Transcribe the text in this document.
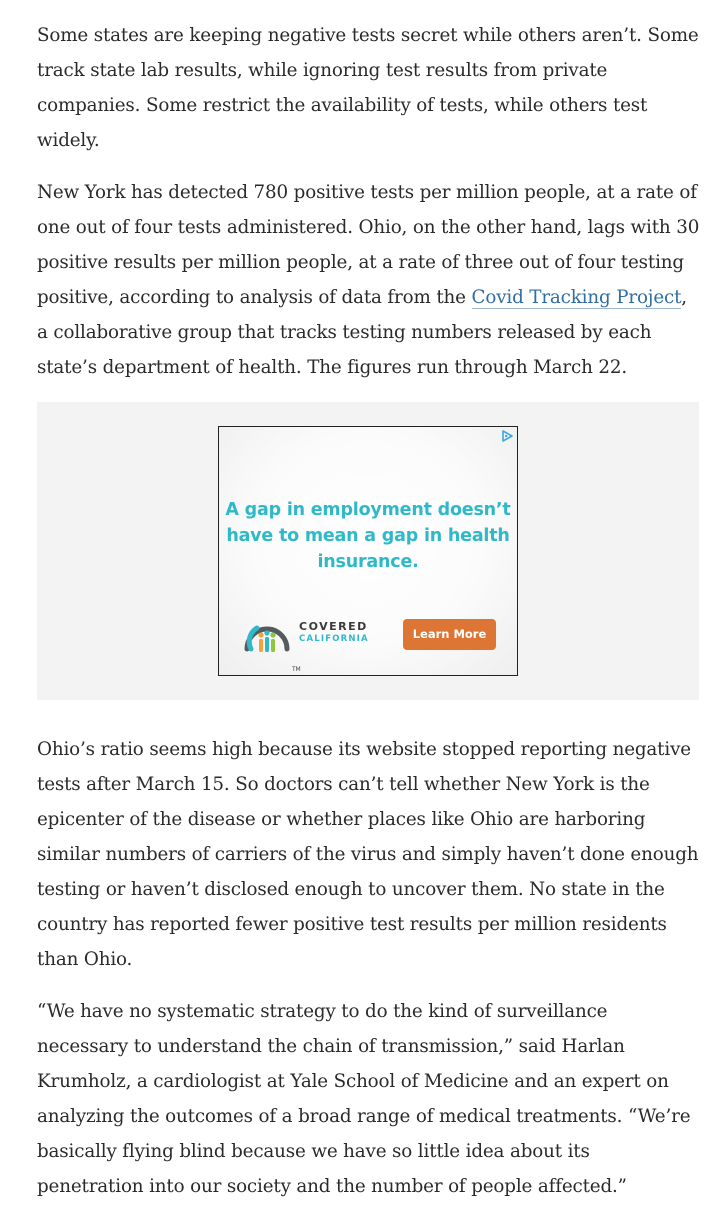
Some states are keeping negative tests secret while others aren’t. Some track state lab results, while ignoring test results from private companies. Some restrict the availability of tests, while others test widely.

New York has detected 780 positive tests per million people, at a rate of one out of four tests administered. Ohio, on the other hand, lags with 30 positive results per million people, at a rate of three out of four testing positive, according to analysis of data from the Covid Tracking Project, a collaborative group that tracks testing numbers released by each state’s department of health. The figures run through March 22.

A gap in employment doesn’t have to mean a gap in health insurance.
COVERED
CALIFORNIA
TM
Learn More

Ohio’s ratio seems high because its website stopped reporting negative tests after March 15. So doctors can’t tell whether New York is the epicenter of the disease or whether places like Ohio are harboring similar numbers of carriers of the virus and simply haven’t done enough testing or haven’t disclosed enough to uncover them. No state in the country has reported fewer positive test results per million residents than Ohio.

“We have no systematic strategy to do the kind of surveillance necessary to understand the chain of transmission,” said Harlan Krumholz, a cardiologist at Yale School of Medicine and an expert on analyzing the outcomes of a broad range of medical treatments. “We’re basically flying blind because we have so little idea about its penetration into our society and the number of people affected.”
